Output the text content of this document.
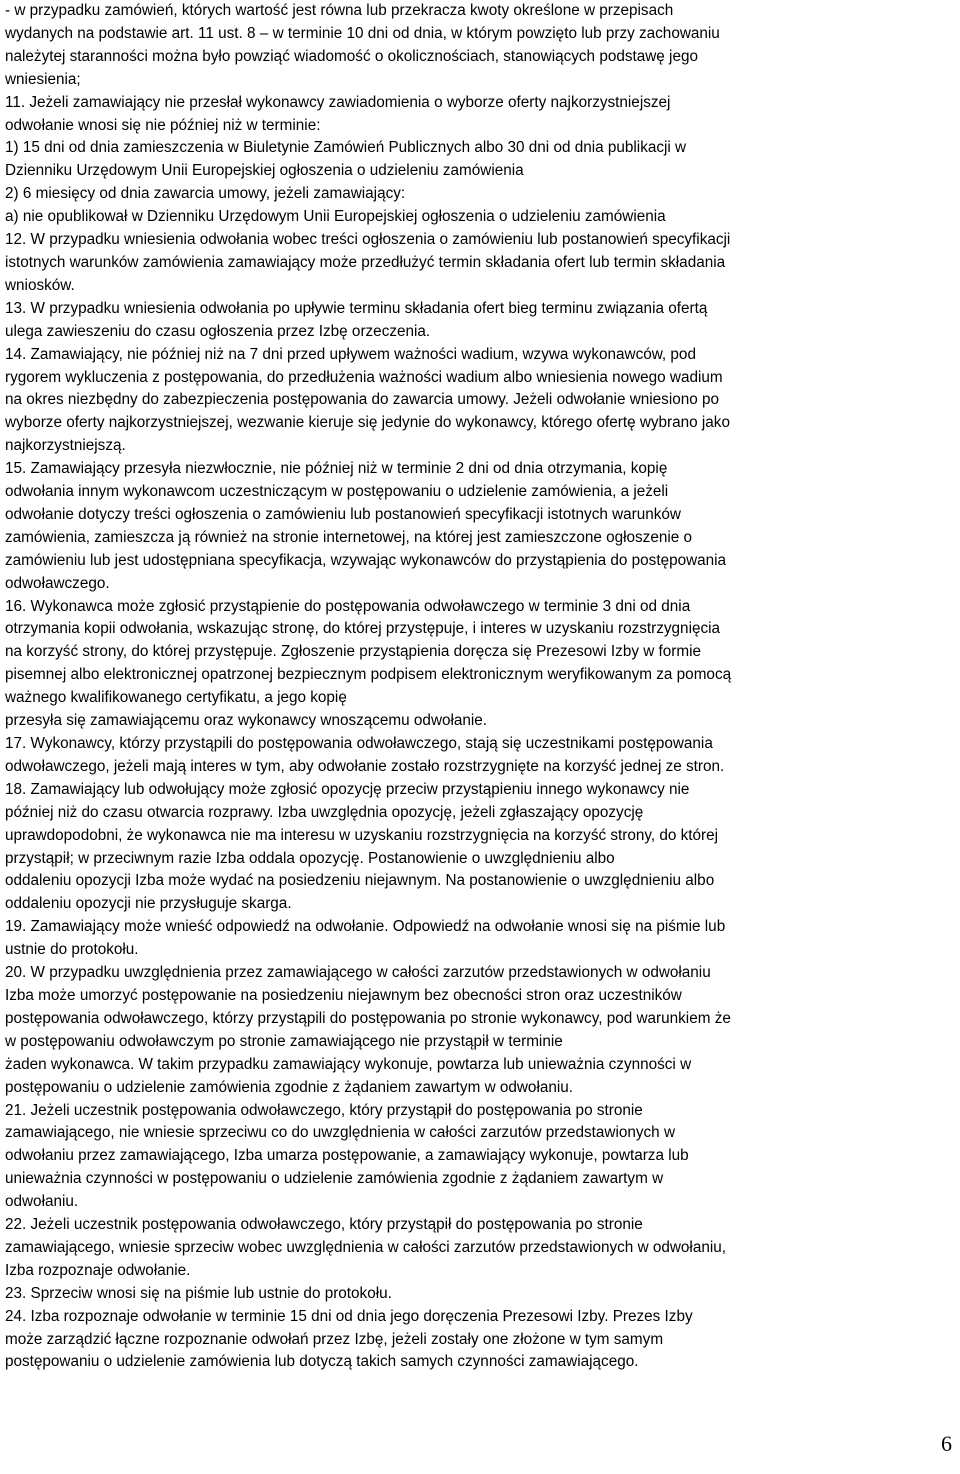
- w przypadku zamówień, których wartość jest równa lub przekracza kwoty określone w przepisach

wydanych na podstawie art. 11 ust. 8 – w terminie 10 dni od dnia, w którym powzięto lub przy zachowaniu

należytej staranności można było powziąć wiadomość o okolicznościach, stanowiących podstawę jego

wniesienia;

11. Jeżeli zamawiający nie przesłał wykonawcy zawiadomienia o wyborze oferty najkorzystniejszej

odwołanie wnosi się nie później niż w terminie:

1) 15 dni od dnia zamieszczenia w Biuletynie Zamówień Publicznych albo 30 dni od dnia publikacji w

Dzienniku Urzędowym Unii Europejskiej ogłoszenia o udzieleniu zamówienia

2) 6 miesięcy od dnia zawarcia umowy, jeżeli zamawiający:

a) nie opublikował w Dzienniku Urzędowym Unii Europejskiej ogłoszenia o udzieleniu zamówienia

12. W przypadku wniesienia odwołania wobec treści ogłoszenia o zamówieniu lub postanowień specyfikacji

istotnych warunków zamówienia zamawiający może przedłużyć termin składania ofert lub termin składania

wniosków.

13. W przypadku wniesienia odwołania po upływie terminu składania ofert bieg terminu związania ofertą

ulega zawieszeniu do czasu ogłoszenia przez Izbę orzeczenia.

14. Zamawiający, nie później niż na 7 dni przed upływem ważności wadium, wzywa wykonawców, pod

rygorem wykluczenia z postępowania, do przedłużenia ważności wadium albo wniesienia nowego wadium

na okres niezbędny do zabezpieczenia postępowania do zawarcia umowy. Jeżeli odwołanie wniesiono po

wyborze oferty najkorzystniejszej, wezwanie kieruje się jedynie do wykonawcy, którego ofertę wybrano jako

najkorzystniejszą.

15. Zamawiający przesyła niezwłocznie, nie później niż w terminie 2 dni od dnia otrzymania, kopię

odwołania innym wykonawcom uczestniczącym w postępowaniu o udzielenie zamówienia, a jeżeli

odwołanie dotyczy treści ogłoszenia o zamówieniu lub postanowień specyfikacji istotnych warunków

zamówienia, zamieszcza ją również na stronie internetowej, na której jest zamieszczone ogłoszenie o

zamówieniu lub jest udostępniana specyfikacja, wzywając wykonawców do przystąpienia do postępowania

odwoławczego.

16. Wykonawca może zgłosić przystąpienie do postępowania odwoławczego w terminie 3 dni od dnia

otrzymania kopii odwołania, wskazując stronę, do której przystępuje, i interes w uzyskaniu rozstrzygnięcia

na korzyść strony, do której przystępuje. Zgłoszenie przystąpienia doręcza się Prezesowi Izby w formie

pisemnej albo elektronicznej opatrzonej bezpiecznym podpisem elektronicznym weryfikowanym za pomocą

ważnego kwalifikowanego certyfikatu, a jego kopię

przesyła się zamawiającemu oraz wykonawcy wnoszącemu odwołanie.

17. Wykonawcy, którzy przystąpili do postępowania odwoławczego, stają się uczestnikami postępowania

odwoławczego, jeżeli mają interes w tym, aby odwołanie zostało rozstrzygnięte na korzyść jednej ze stron.

18. Zamawiający lub odwołujący może zgłosić opozycję przeciw przystąpieniu innego wykonawcy nie

później niż do czasu otwarcia rozprawy. Izba uwzględnia opozycję, jeżeli zgłaszający opozycję

uprawdopodobni, że wykonawca nie ma interesu w uzyskaniu rozstrzygnięcia na korzyść strony, do której

przystąpił; w przeciwnym razie Izba oddala opozycję. Postanowienie o uwzględnieniu albo

oddaleniu opozycji Izba może wydać na posiedzeniu niejawnym. Na postanowienie o uwzględnieniu albo

oddaleniu opozycji nie przysługuje skarga.

19. Zamawiający może wnieść odpowiedź na odwołanie. Odpowiedź na odwołanie wnosi się na piśmie lub

ustnie do protokołu.

20. W przypadku uwzględnienia przez zamawiającego w całości zarzutów przedstawionych w odwołaniu

Izba może umorzyć postępowanie na posiedzeniu niejawnym bez obecności stron oraz uczestników

postępowania odwoławczego, którzy przystąpili do postępowania po stronie wykonawcy, pod warunkiem że

w postępowaniu odwoławczym po stronie zamawiającego nie przystąpił w terminie

żaden wykonawca. W takim przypadku zamawiający wykonuje, powtarza lub unieważnia czynności w

postępowaniu o udzielenie zamówienia zgodnie z żądaniem zawartym w odwołaniu.

21. Jeżeli uczestnik postępowania odwoławczego, który przystąpił do postępowania po stronie

zamawiającego, nie wniesie sprzeciwu co do uwzględnienia w całości zarzutów przedstawionych w

odwołaniu przez zamawiającego, Izba umarza postępowanie, a zamawiający wykonuje, powtarza lub

unieważnia czynności w postępowaniu o udzielenie zamówienia zgodnie z żądaniem zawartym w

odwołaniu.

22. Jeżeli uczestnik postępowania odwoławczego, który przystąpił do postępowania po stronie

zamawiającego, wniesie sprzeciw wobec uwzględnienia w całości zarzutów przedstawionych w odwołaniu,

Izba rozpoznaje odwołanie.

23. Sprzeciw wnosi się na piśmie lub ustnie do protokołu.

24. Izba rozpoznaje odwołanie w terminie 15 dni od dnia jego doręczenia Prezesowi Izby. Prezes Izby

może zarządzić łączne rozpoznanie odwołań przez Izbę, jeżeli zostały one złożone w tym samym

postępowaniu o udzielenie zamówienia lub dotyczą takich samych czynności zamawiającego.

6
